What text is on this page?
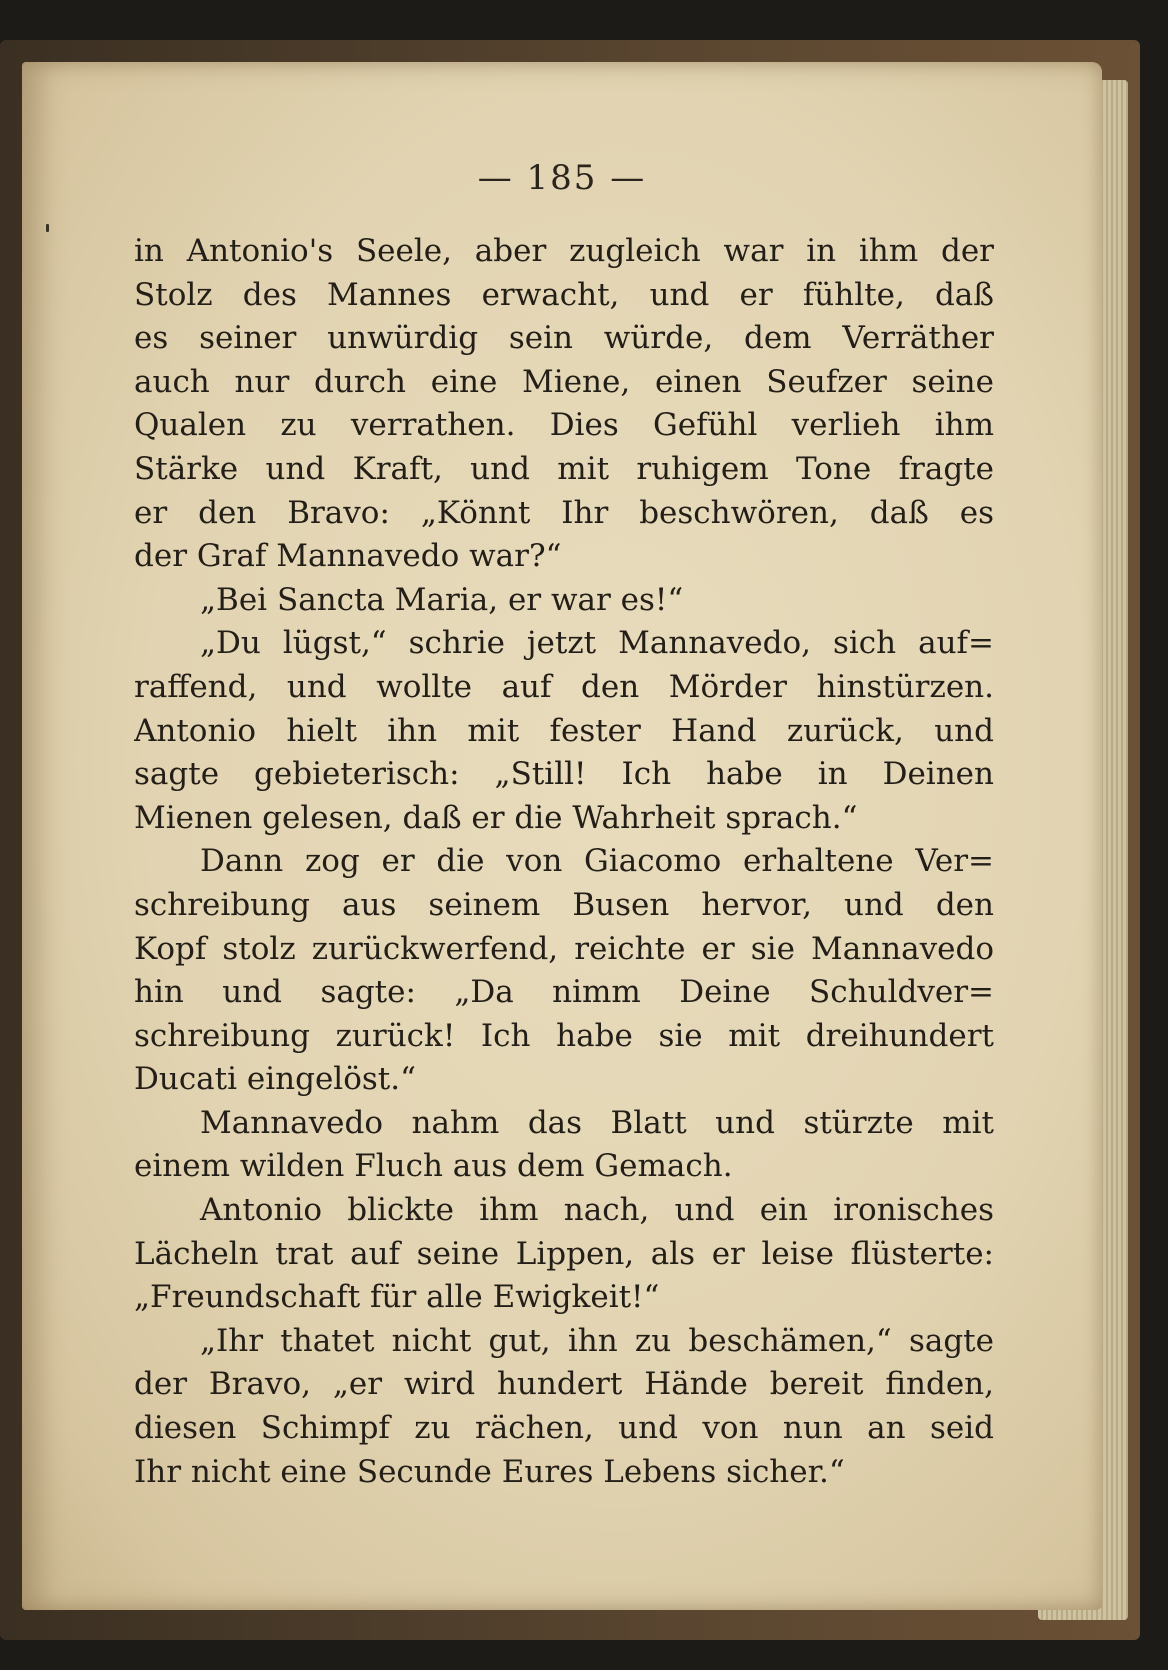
— 185 —
in Antonio's Seele, aber zugleich war in ihm der
Stolz des Mannes erwacht, und er fühlte, daß
es seiner unwürdig sein würde, dem Verräther
auch nur durch eine Miene, einen Seufzer seine
Qualen zu verrathen. Dies Gefühl verlieh ihm
Stärke und Kraft, und mit ruhigem Tone fragte
er den Bravo: „Könnt Ihr beschwören, daß es
der Graf Mannavedo war?“
„Bei Sancta Maria, er war es!“
„Du lügst,“ schrie jetzt Mannavedo, sich auf=
raffend, und wollte auf den Mörder hinstürzen.
Antonio hielt ihn mit fester Hand zurück, und
sagte gebieterisch: „Still! Ich habe in Deinen
Mienen gelesen, daß er die Wahrheit sprach.“
Dann zog er die von Giacomo erhaltene Ver=
schreibung aus seinem Busen hervor, und den
Kopf stolz zurückwerfend, reichte er sie Mannavedo
hin und sagte: „Da nimm Deine Schuldver=
schreibung zurück! Ich habe sie mit dreihundert
Ducati eingelöst.“
Mannavedo nahm das Blatt und stürzte mit
einem wilden Fluch aus dem Gemach.
Antonio blickte ihm nach, und ein ironisches
Lächeln trat auf seine Lippen, als er leise flüsterte:
„Freundschaft für alle Ewigkeit!“
„Ihr thatet nicht gut, ihn zu beschämen,“ sagte
der Bravo, „er wird hundert Hände bereit finden,
diesen Schimpf zu rächen, und von nun an seid
Ihr nicht eine Secunde Eures Lebens sicher.“
